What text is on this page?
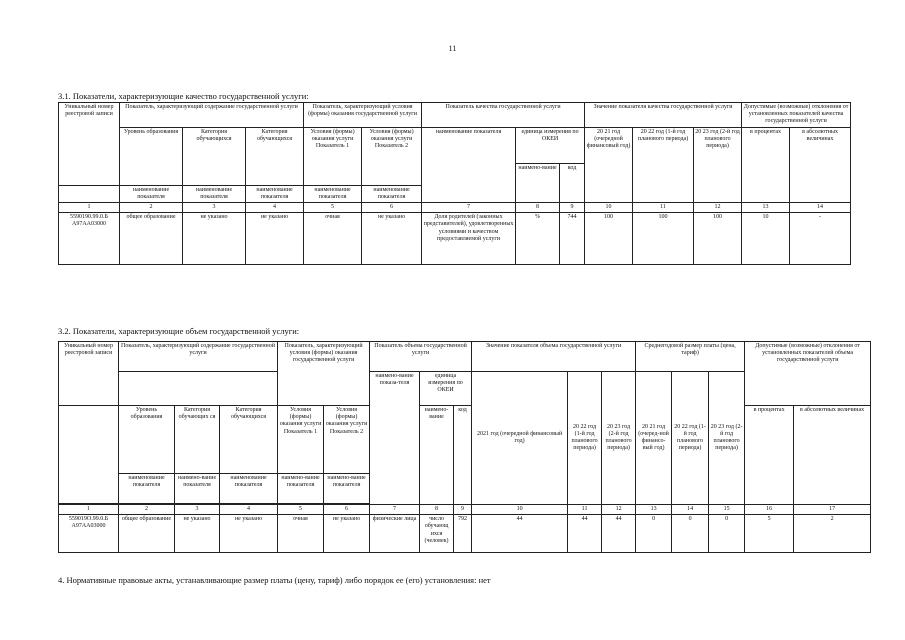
11
3.1. Показатели, характеризующие качество государственной услуги:
Уникальный номер реестровой записи	Показатель, характеризующий содержание государственной услуги			Показатель, характеризующий условия (формы) оказания государственной услуги		Показатель качества государственной услуги			Значение показателя качества государственной услуги			Допустимые (возможные) отклонения от установленных показателей качества государственной услуги	
	Уровень образования	Категория обучающихся	Категория обучающихся	Условия (формы) оказания услуги Показатель 1	Условия (формы) оказания услуги Показатель 2	наименование показателя	единица измерения по ОКЕИ		20 21 год (очередной финансовый год)	20 22 год (1-й год планового периода)	20 23 год (2-й год планового периода)	в процентах	в абсолютных величинах
							наимено-вание	код					
	наименование показателя	наименование показателя	наименование показателя	наименование показателя	наименование показателя								
1	2	3	4	5	6	7	8	9	10	11	12	13	14
5590190.99.0.Б А97АА03000	общее образование	не указано	не указано	очная	не указано	Доля родителей (законных представителей), удовлетворенных условиями и качеством предоставляемой услуги	%	744	100	100	100	10	-
3.2. Показатели, характеризующие объем государственной услуги:
Уникальный номер реестровой записи	Показатель, характеризующий содержание государственной услуги			Показатель, характеризующий условия (формы) оказания государственной услуги		Показатель объема государственной услуги			Значение показателя объема государственной услуги			Среднегодовой размер платы (цена, тариф)			Допустимые (возможные) отклонения от установленных показателей объема государственной услуги	
						наимено-вание показа-теля	единица измерения по ОКЕИ		2021 год (очередной финансовый год)	20 22 год (1-й год планового периода)	20 23 год (2-й год планового периода)	20 21 год (очеред-ной финансо-вый год)	20 22 год (1-й год планового периода)	20 23 год (2-й год планового периода)		
	Уровень образования	Категория обучающих ся	Категория обучающихся	Условия (формы) оказания услуги Показатель 1	Условия (формы) оказания услуги Показатель 2		наимено-вание	код							в процентах	в абсолютных величинах
	наименование показателя	наимено-вание показателя	наименование показателя	наимено-вание показателя	наимено-вание показателя											

1	2	3	4	5	6	7	8	9	10	11	12	13	14	15	16	17
559019О.99.0.Б А97АА03000	общее образование	не указано	не указано	очная	не указано	физические лица	число обучающ ихся (человек)	792	44	44	44	0	0	0	5	2
4. Нормативные правовые акты, устанавливающие размер платы (цену, тариф) либо порядок ее (его) установления: нет
